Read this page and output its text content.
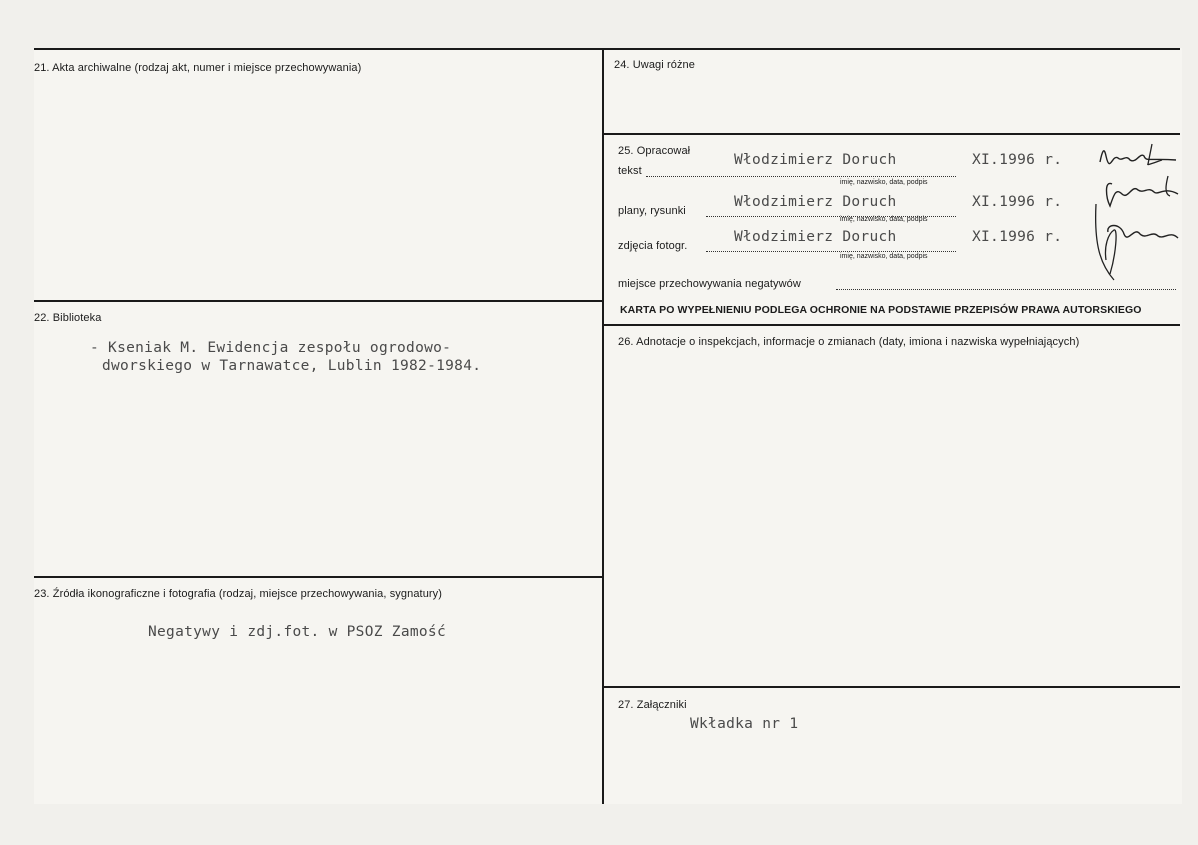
21. Akta archiwalne (rodzaj akt, numer i miejsce przechowywania)
22. Biblioteka
- Kseniak M. Ewidencja zespołu ogrodowo-
dworskiego w Tarnawatce, Lublin 1982-1984.
23. Źródła ikonograficzne i fotografia (rodzaj, miejsce przechowywania, sygnatury)
Negatywy i zdj.fot. w PSOZ Zamość
24. Uwagi różne
25. Opracował
tekst
Włodzimierz Doruch	XI.1996 r.
imię, nazwisko, data, podpis
plany, rysunki
Włodzimierz Doruch	XI.1996 r.
imię, nazwisko, data, podpis
zdjęcia fotogr.
Włodzimierz Doruch	XI.1996 r.
imię, nazwisko, data, podpis
miejsce przechowywania negatywów
KARTA PO WYPEŁNIENIU PODLEGA OCHRONIE NA PODSTAWIE PRZEPISÓW PRAWA AUTORSKIEGO
26. Adnotacje o inspekcjach, informacje o zmianach (daty, imiona i nazwiska wypełniających)
27. Załączniki
Wkładka nr 1
